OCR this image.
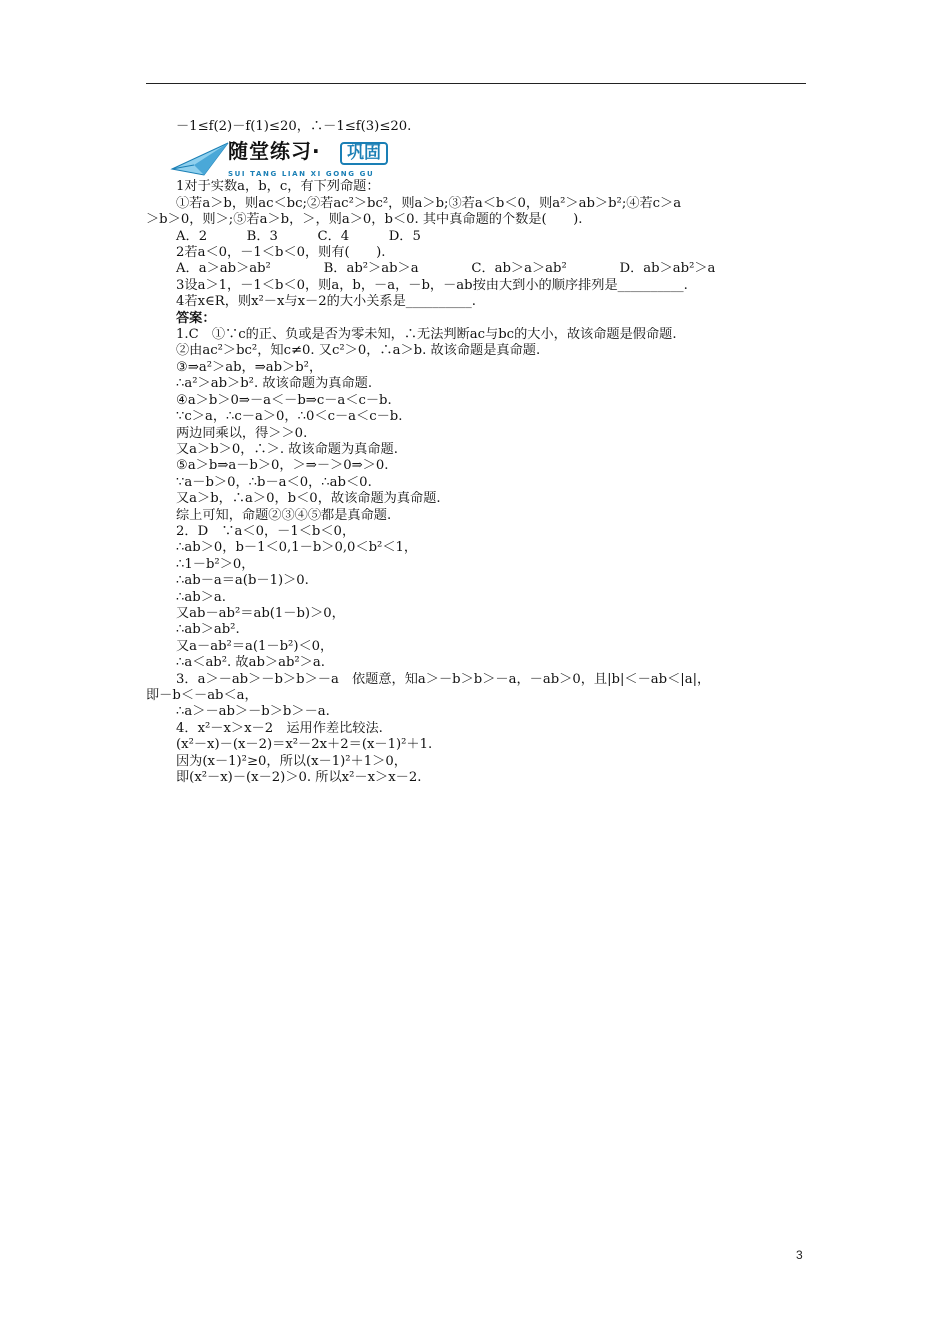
－1≤f(2)－f(1)≤20，∴－1≤f(3)≤20.
随堂练习·	巩固
SUI TANG LIAN XI GONG GU
1对于实数a，b，c，有下列命题：
①若a＞b，则ac＜bc;②若ac²＞bc²，则a＞b;③若a＜b＜0，则a²＞ab＞b²;④若c＞a
＞b＞0，则＞;⑤若a＞b，＞，则a＞0，b＜0. 其中真命题的个数是(　　).
A．2　　　B．3　　　C．4　　　D．5
2若a＜0，－1＜b＜0，则有(　　).
A．a＞ab＞ab²　　　　B．ab²＞ab＞a　　　　C．ab＞a＞ab²　　　　D．ab＞ab²＞a
3设a＞1，－1＜b＜0，则a，b，－a，－b，－ab按由大到小的顺序排列是__________.
4若x∈R，则x²－x与x－2的大小关系是__________.
答案：
1.C　①∵c的正、负或是否为零未知，∴无法判断ac与bc的大小，故该命题是假命题.
②由ac²＞bc²，知c≠0. 又c²＞0，∴a＞b. 故该命题是真命题.
③⇒a²＞ab，⇒ab＞b²，
∴a²＞ab＞b². 故该命题为真命题.
④a＞b＞0⇒－a＜－b⇒c－a＜c－b.
∵c＞a，∴c－a＞0，∴0＜c－a＜c－b.
两边同乘以，得＞＞0.
又a＞b＞0，∴＞. 故该命题为真命题.
⑤a＞b⇒a－b＞0，＞⇒－＞0⇒＞0.
∵a－b＞0，∴b－a＜0，∴ab＜0.
又a＞b，∴a＞0，b＜0，故该命题为真命题.
综上可知，命题②③④⑤都是真命题.
2．D　∵a＜0，－1＜b＜0，
∴ab＞0，b－1＜0,1－b＞0,0＜b²＜1，
∴1－b²＞0，
∴ab－a＝a(b－1)＞0.
∴ab＞a.
又ab－ab²＝ab(1－b)＞0，
∴ab＞ab².
又a－ab²＝a(1－b²)＜0，
∴a＜ab². 故ab＞ab²＞a.
3．a＞－ab＞－b＞b＞－a　依题意，知a＞－b＞b＞－a，－ab＞0，且|b|＜－ab＜|a|，
即－b＜－ab＜a，
∴a＞－ab＞－b＞b＞－a.
4．x²－x＞x－2　运用作差比较法.
(x²－x)－(x－2)＝x²－2x＋2＝(x－1)²＋1.
因为(x－1)²≥0，所以(x－1)²＋1＞0，
即(x²－x)－(x－2)＞0. 所以x²－x＞x－2.
3
